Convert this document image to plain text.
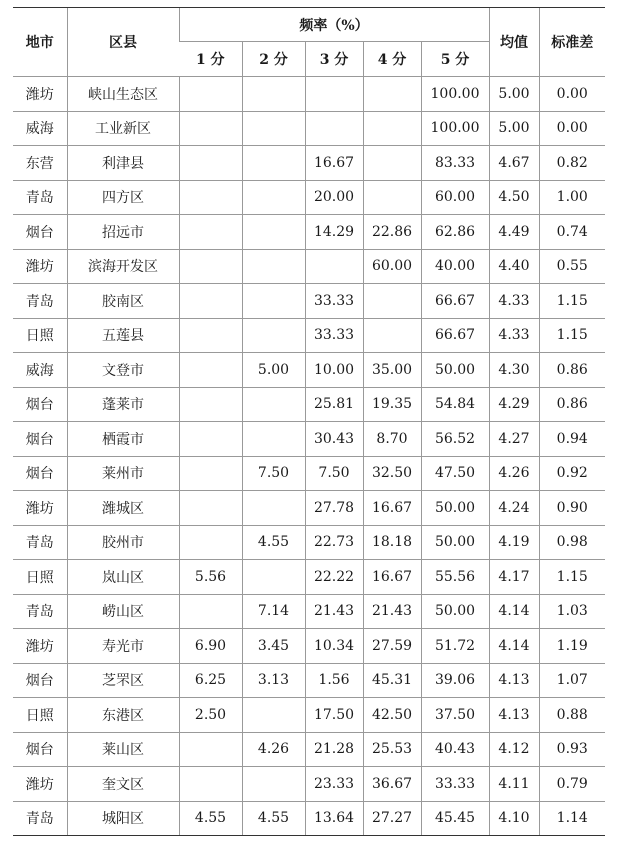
地市	区县	频率（%）					均值	标准差
		1 分	2 分	3 分	4 分	5 分		
潍坊	峡山生态区					100.00	5.00	0.00
威海	工业新区					100.00	5.00	0.00
东营	利津县			16.67		83.33	4.67	0.82
青岛	四方区			20.00		60.00	4.50	1.00
烟台	招远市			14.29	22.86	62.86	4.49	0.74
潍坊	滨海开发区				60.00	40.00	4.40	0.55
青岛	胶南区			33.33		66.67	4.33	1.15
日照	五莲县			33.33		66.67	4.33	1.15
威海	文登市		5.00	10.00	35.00	50.00	4.30	0.86
烟台	蓬莱市			25.81	19.35	54.84	4.29	0.86
烟台	栖霞市			30.43	8.70	56.52	4.27	0.94
烟台	莱州市		7.50	7.50	32.50	47.50	4.26	0.92
潍坊	潍城区			27.78	16.67	50.00	4.24	0.90
青岛	胶州市		4.55	22.73	18.18	50.00	4.19	0.98
日照	岚山区	5.56		22.22	16.67	55.56	4.17	1.15
青岛	崂山区		7.14	21.43	21.43	50.00	4.14	1.03
潍坊	寿光市	6.90	3.45	10.34	27.59	51.72	4.14	1.19
烟台	芝罘区	6.25	3.13	1.56	45.31	39.06	4.13	1.07
日照	东港区	2.50		17.50	42.50	37.50	4.13	0.88
烟台	莱山区		4.26	21.28	25.53	40.43	4.12	0.93
潍坊	奎文区			23.33	36.67	33.33	4.11	0.79
青岛	城阳区	4.55	4.55	13.64	27.27	45.45	4.10	1.14
